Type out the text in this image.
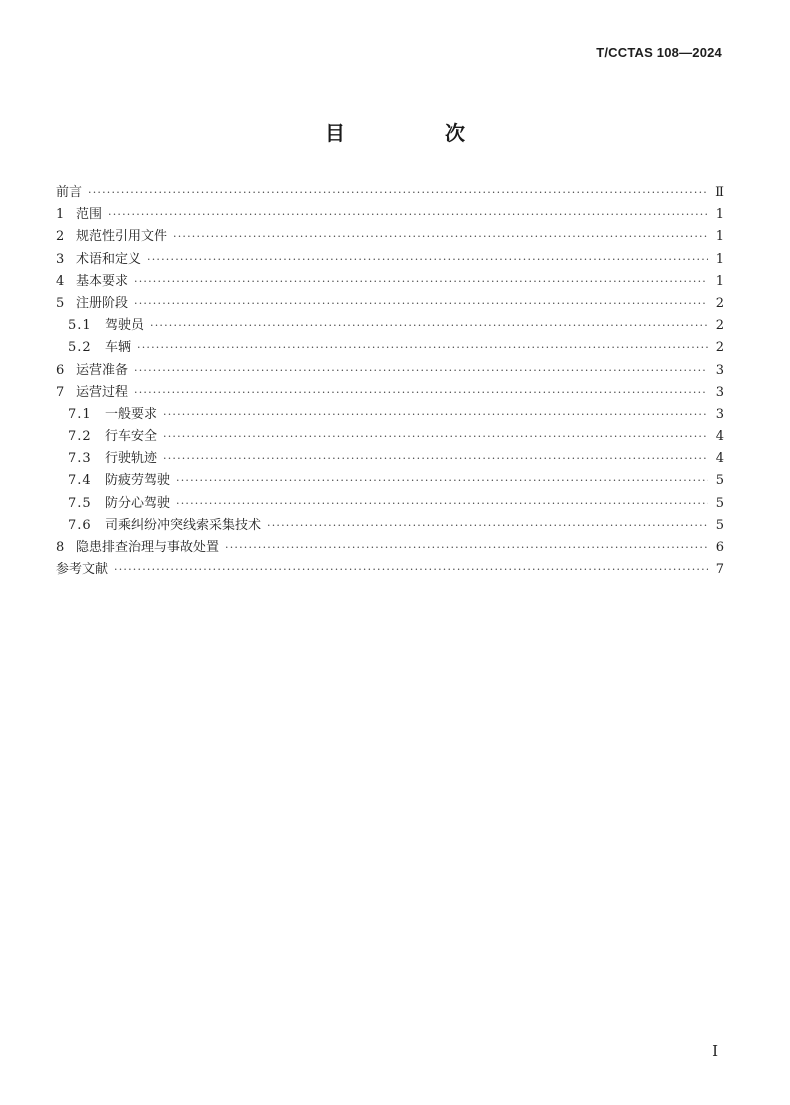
T/CCTAS 108—2024
目　次
前言 ·····	Ⅱ
1 范围 ·····	1
2 规范性引用文件 ·····	1
3 术语和定义 ·····	1
4 基本要求 ·····	1
5 注册阶段 ·····	2
5.1	驾驶员 ·····	2
5.2	车辆 ·····	2
6 运营准备 ·····	3
7 运营过程 ·····	3
7.1	一般要求 ·····	3
7.2	行车安全 ·····	4
7.3	行驶轨迹 ·····	4
7.4	防疲劳驾驶 ·····	5
7.5	防分心驾驶 ·····	5
7.6	司乘纠纷冲突线索采集技术 ·····	5
8 隐患排查治理与事故处置 ·····	6
参考文献 ·····	7
I
